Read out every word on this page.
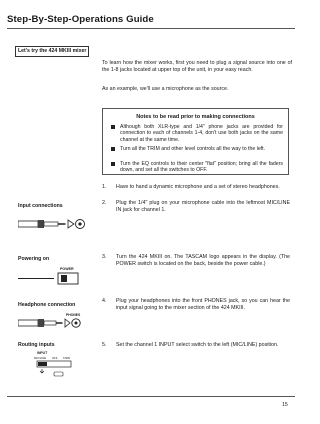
Step-By-Step-Operations Guide
Let's try the 424 MKIII mixer
To learn how the mixer works, first you need to plug a signal source into one of the 1-8 jacks located at upper top of the unit, in your easy reach.
As an example, we'll use a microphone as the source.
Notes to be read prior to making connections
Although both XLR-type and 1/4" phone jacks are provided for connection to each of channels 1-4, don't use both jacks on the same channel at the same time.
Turn all the TRIM and other level controls all the way to the left.
Turn the EQ controls to their center "flat" position; bring all the faders down, and set all the switches to OFF.
1.	Have to hand a dynamic microphone and a set of stereo headphones.
2.	Plug the 1/4" plug on your microphone cable into the leftmost MIC/LINE IN jack for channel 1.
3.	Turn the 424 MKIII on. The TASCAM logo appears in the display. (The POWER switch is located on the back, beside the power cable.)
4.	Plug your headphones into the front PHONES jack, so you can hear the input signal going to the mixer section of the 424 MKIII.
5.	Set the channel 1 INPUT select switch to the left (MIC/LINE) position.
Input connections
Powering on
Headphone connection
Routing inputs
POWER
PHONES
INPUT
MIC/LINE OFF TAPE
15
